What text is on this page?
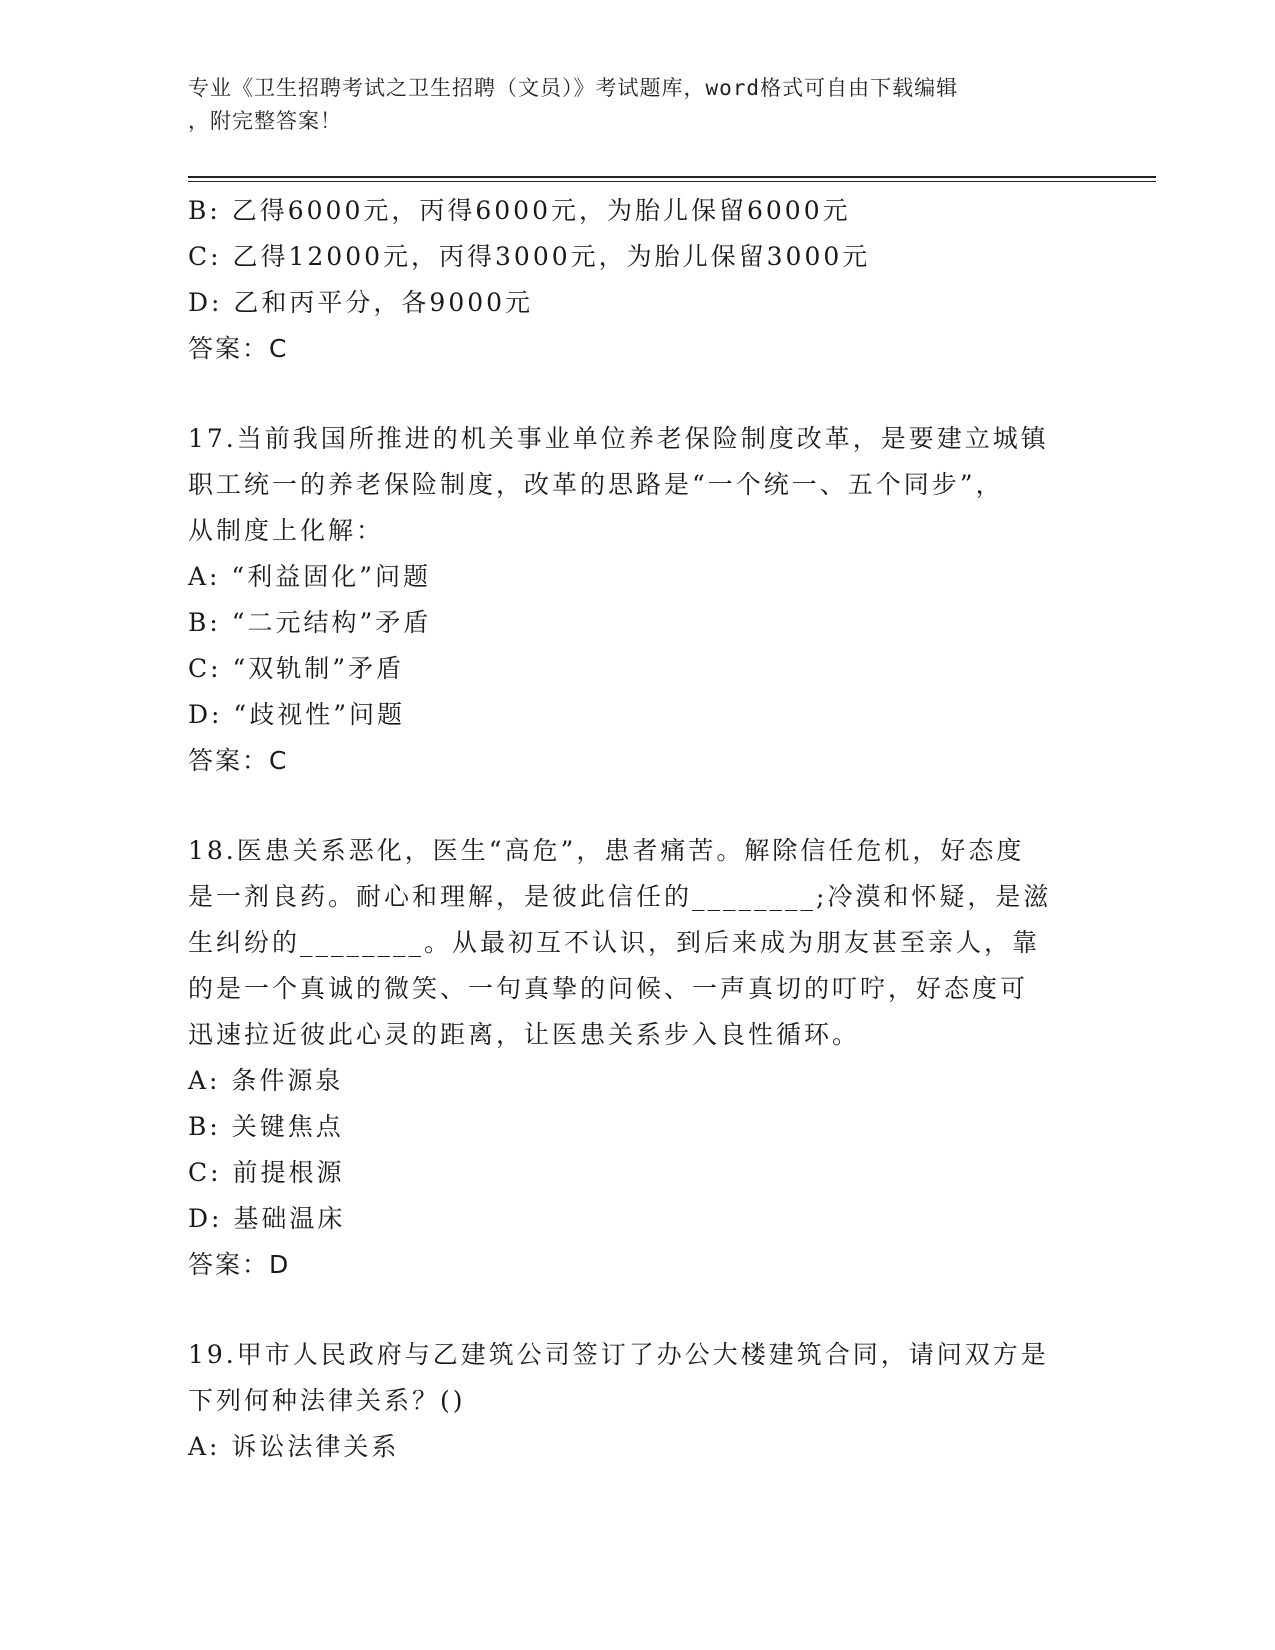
专业《卫生招聘考试之卫生招聘（文员）》考试题库，word格式可自由下载编辑
，附完整答案！
B: 乙得6000元，丙得6000元，为胎儿保留6000元
C: 乙得12000元，丙得3000元，为胎儿保留3000元
D: 乙和丙平分，各9000元
答案：C
17.当前我国所推进的机关事业单位养老保险制度改革，是要建立城镇
职工统一的养老保险制度，改革的思路是“一个统一、五个同步”，
从制度上化解：
A: “利益固化”问题
B: “二元结构”矛盾
C: “双轨制”矛盾
D: “歧视性”问题
答案：C
18.医患关系恶化，医生“高危”，患者痛苦。解除信任危机，好态度
是一剂良药。耐心和理解，是彼此信任的________;冷漠和怀疑，是滋
生纠纷的________。从最初互不认识，到后来成为朋友甚至亲人，靠
的是一个真诚的微笑、一句真挚的问候、一声真切的叮咛，好态度可
迅速拉近彼此心灵的距离，让医患关系步入良性循环。
A: 条件源泉
B: 关键焦点
C: 前提根源
D: 基础温床
答案：D
19.甲市人民政府与乙建筑公司签订了办公大楼建筑合同，请问双方是
下列何种法律关系？()
A: 诉讼法律关系
